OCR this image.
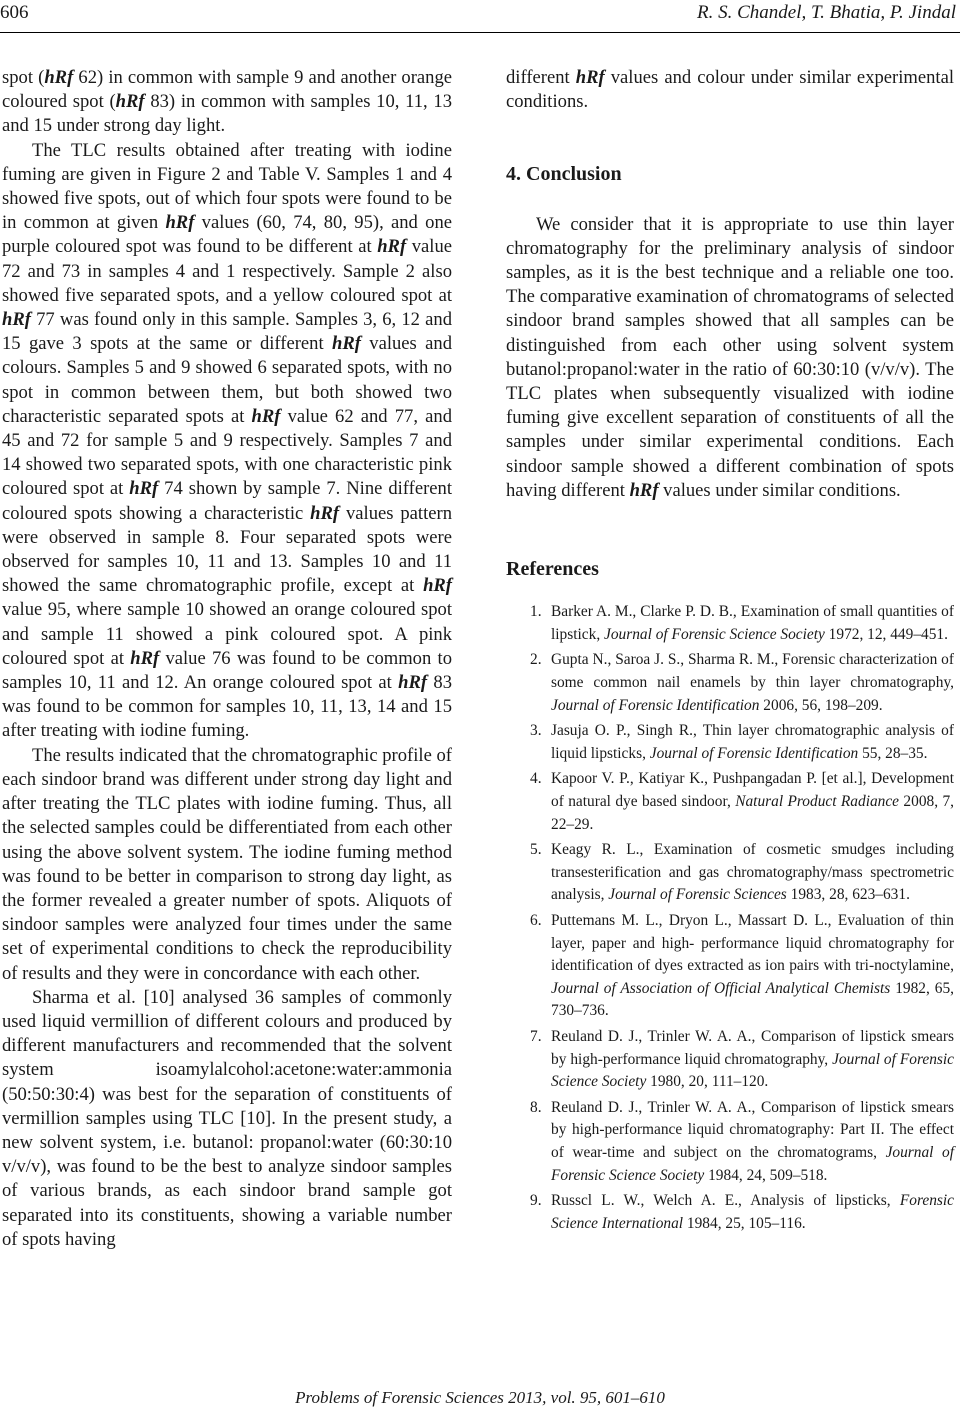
606	R. S. Chandel, T. Bhatia, P. Jindal

spot (hRf 62) in common with sample 9 and another orange coloured spot (hRf 83) in common with samples 10, 11, 13 and 15 under strong day light.

The TLC results obtained after treating with iodine fuming are given in Figure 2 and Table V. Samples 1 and 4 showed five spots, out of which four spots were found to be in common at given hRf values (60, 74, 80, 95), and one purple coloured spot was found to be different at hRf value 72 and 73 in samples 4 and 1 respectively. Sample 2 also showed five separated spots, and a yellow coloured spot at hRf 77 was found only in this sample. Samples 3, 6, 12 and 15 gave 3 spots at the same or different hRf values and colours. Samples 5 and 9 showed 6 separated spots, with no spot in common between them, but both showed two characteristic separated spots at hRf value 62 and 77, and 45 and 72 for sample 5 and 9 respectively. Samples 7 and 14 showed two separated spots, with one characteristic pink coloured spot at hRf 74 shown by sample 7. Nine different coloured spots showing a characteristic hRf values pattern were observed in sample 8. Four separated spots were observed for samples 10, 11 and 13. Samples 10 and 11 showed the same chromatographic profile, except at hRf value 95, where sample 10 showed an orange coloured spot and sample 11 showed a pink coloured spot. A pink coloured spot at hRf value 76 was found to be common to samples 10, 11 and 12. An orange coloured spot at hRf 83 was found to be common for samples 10, 11, 13, 14 and 15 after treating with iodine fuming.

The results indicated that the chromatographic profile of each sindoor brand was different under strong day light and after treating the TLC plates with iodine fuming. Thus, all the selected samples could be differentiated from each other using the above solvent system. The iodine fuming method was found to be better in comparison to strong day light, as the former revealed a greater number of spots. Aliquots of sindoor samples were analyzed four times under the same set of experimental conditions to check the reproducibility of results and they were in concordance with each other.

Sharma et al. [10] analysed 36 samples of commonly used liquid vermillion of different colours and produced by different manufacturers and recommended that the solvent system isoamylalcohol:acetone:water:ammonia (50:50:30:4) was best for the separation of constituents of vermillion samples using TLC [10]. In the present study, a new solvent system, i.e. butanol: propanol:water (60:30:10 v/v/v), was found to be the best to analyze sindoor samples of various brands, as each sindoor brand sample got separated into its constituents, showing a variable number of spots having

different hRf values and colour under similar experimental conditions.

4. Conclusion

We consider that it is appropriate to use thin layer chromatography for the preliminary analysis of sindoor samples, as it is the best technique and a reliable one too. The comparative examination of chromatograms of selected sindoor brand samples showed that all samples can be distinguished from each other using solvent system butanol:propanol:water in the ratio of 60:30:10 (v/v/v). The TLC plates when subsequently visualized with iodine fuming give excellent separation of constituents of all the samples under similar experimental conditions. Each sindoor sample showed a different combination of spots having different hRf values under similar conditions.

References

1. Barker A. M., Clarke P. D. B., Examination of small quantities of lipstick, Journal of Forensic Science Society 1972, 12, 449–451.
2. Gupta N., Saroa J. S., Sharma R. M., Forensic characterization of some common nail enamels by thin layer chromatography, Journal of Forensic Identification 2006, 56, 198–209.
3. Jasuja O. P., Singh R., Thin layer chromatographic analysis of liquid lipsticks, Journal of Forensic Identification 55, 28–35.
4. Kapoor V. P., Katiyar K., Pushpangadan P. [et al.], Development of natural dye based sindoor, Natural Product Radiance 2008, 7, 22–29.
5. Keagy R. L., Examination of cosmetic smudges including transesterification and gas chromatography/mass spectrometric analysis, Journal of Forensic Sciences 1983, 28, 623–631.
6. Puttemans M. L., Dryon L., Massart D. L., Evaluation of thin layer, paper and high- performance liquid chromatography for identification of dyes extracted as ion pairs with tri-noctylamine, Journal of Association of Official Analytical Chemists 1982, 65, 730–736.
7. Reuland D. J., Trinler W. A. A., Comparison of lipstick smears by high-performance liquid chromatography, Journal of Forensic Science Society 1980, 20, 111–120.
8. Reuland D. J., Trinler W. A. A., Comparison of lipstick smears by high-performance liquid chromatography: Part II. The effect of wear-time and subject on the chromatograms, Journal of Forensic Science Society 1984, 24, 509–518.
9. Russcl L. W., Welch A. E., Analysis of lipsticks, Forensic Science International 1984, 25, 105–116.
Problems of Forensic Sciences 2013, vol. 95, 601–610
